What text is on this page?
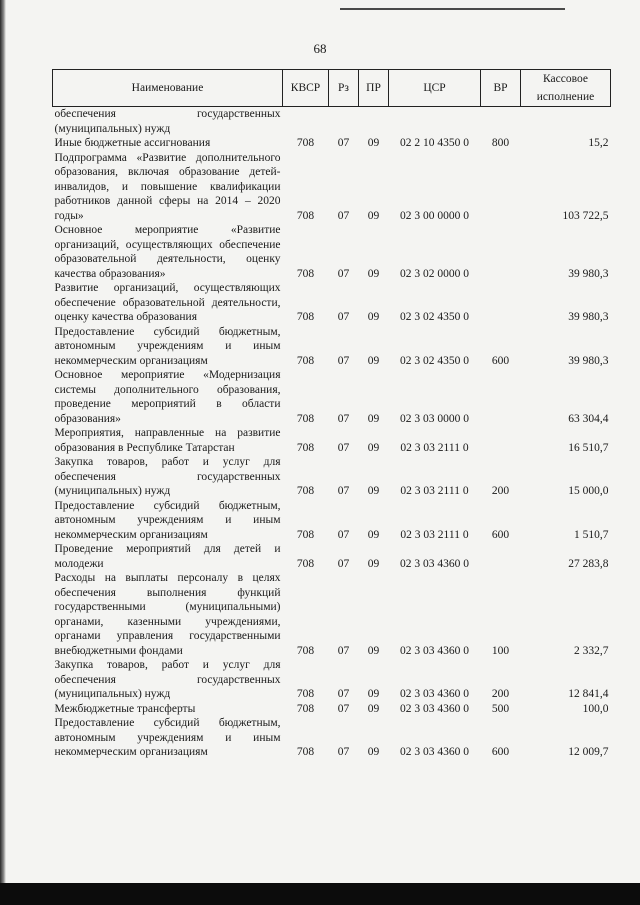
68
Наименование	КВСР	Рз	ПР	ЦСР	ВР	Кассовое исполнение
обеспечения государственных (муниципальных) нужд						
Иные бюджетные ассигнования	708	07	09	02 2 10 4350 0	800	15,2
Подпрограмма «Развитие дополнительного образования, включая образование детей-инвалидов, и повышение квалификации работников данной сферы на 2014 – 2020 годы»	708	07	09	02 3 00 0000 0		103 722,5
Основное мероприятие «Развитие организаций, осуществляющих обеспечение образовательной деятельности, оценку качества образования»	708	07	09	02 3 02 0000 0		39 980,3
Развитие организаций, осуществляющих обеспечение образовательной деятельности, оценку качества образования	708	07	09	02 3 02 4350 0		39 980,3
Предоставление субсидий бюджетным, автономным учреждениям и иным некоммерческим организациям	708	07	09	02 3 02 4350 0	600	39 980,3
Основное мероприятие «Модернизация системы дополнительного образования, проведение мероприятий в области образования»	708	07	09	02 3 03 0000 0		63 304,4
Мероприятия, направленные на развитие образования в Республике Татарстан	708	07	09	02 3 03 2111 0		16 510,7
Закупка товаров, работ и услуг для обеспечения государственных (муниципальных) нужд	708	07	09	02 3 03 2111 0	200	15 000,0
Предоставление субсидий бюджетным, автономным учреждениям и иным некоммерческим организациям	708	07	09	02 3 03 2111 0	600	1 510,7
Проведение мероприятий для детей и молодежи	708	07	09	02 3 03 4360 0		27 283,8
Расходы на выплаты персоналу в целях обеспечения выполнения функций государственными (муниципальными) органами, казенными учреждениями, органами управления государственными внебюджетными фондами	708	07	09	02 3 03 4360 0	100	2 332,7
Закупка товаров, работ и услуг для обеспечения государственных (муниципальных) нужд	708	07	09	02 3 03 4360 0	200	12 841,4
Межбюджетные трансферты	708	07	09	02 3 03 4360 0	500	100,0
Предоставление субсидий бюджетным, автономным учреждениям и иным некоммерческим организациям	708	07	09	02 3 03 4360 0	600	12 009,7
